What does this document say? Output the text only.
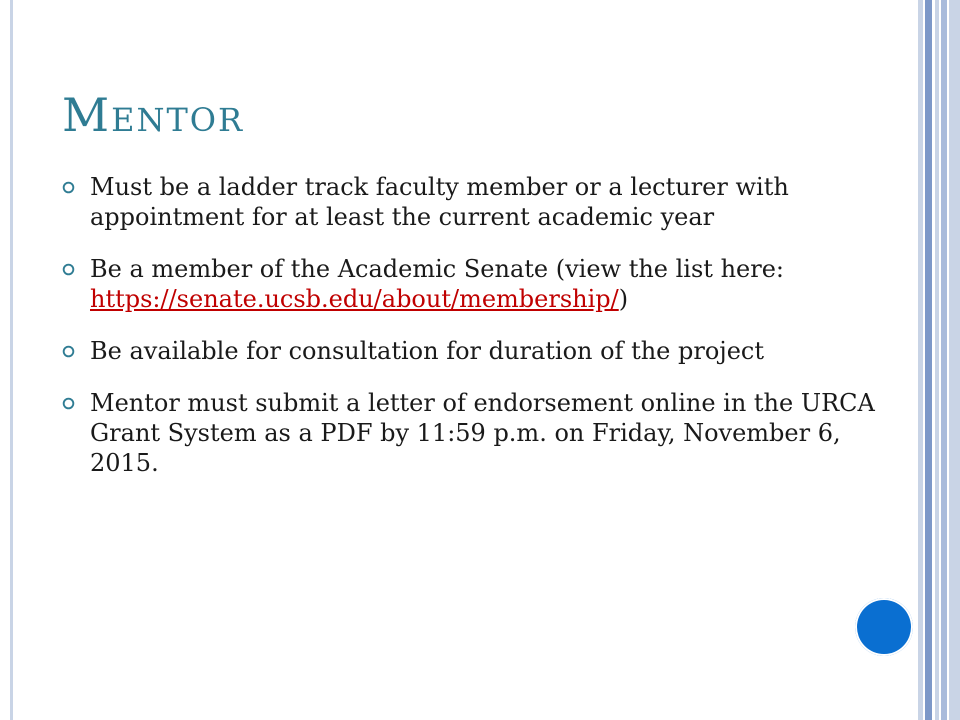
Mentor
Must be a ladder track faculty member or a lecturer with appointment for at least the current academic year
Be a member of the Academic Senate (view the list here: https://senate.ucsb.edu/about/membership/)
Be available for consultation for duration of the project
Mentor must submit a letter of endorsement online in the URCA Grant System as a PDF by 11:59 p.m. on Friday, November 6, 2015.
